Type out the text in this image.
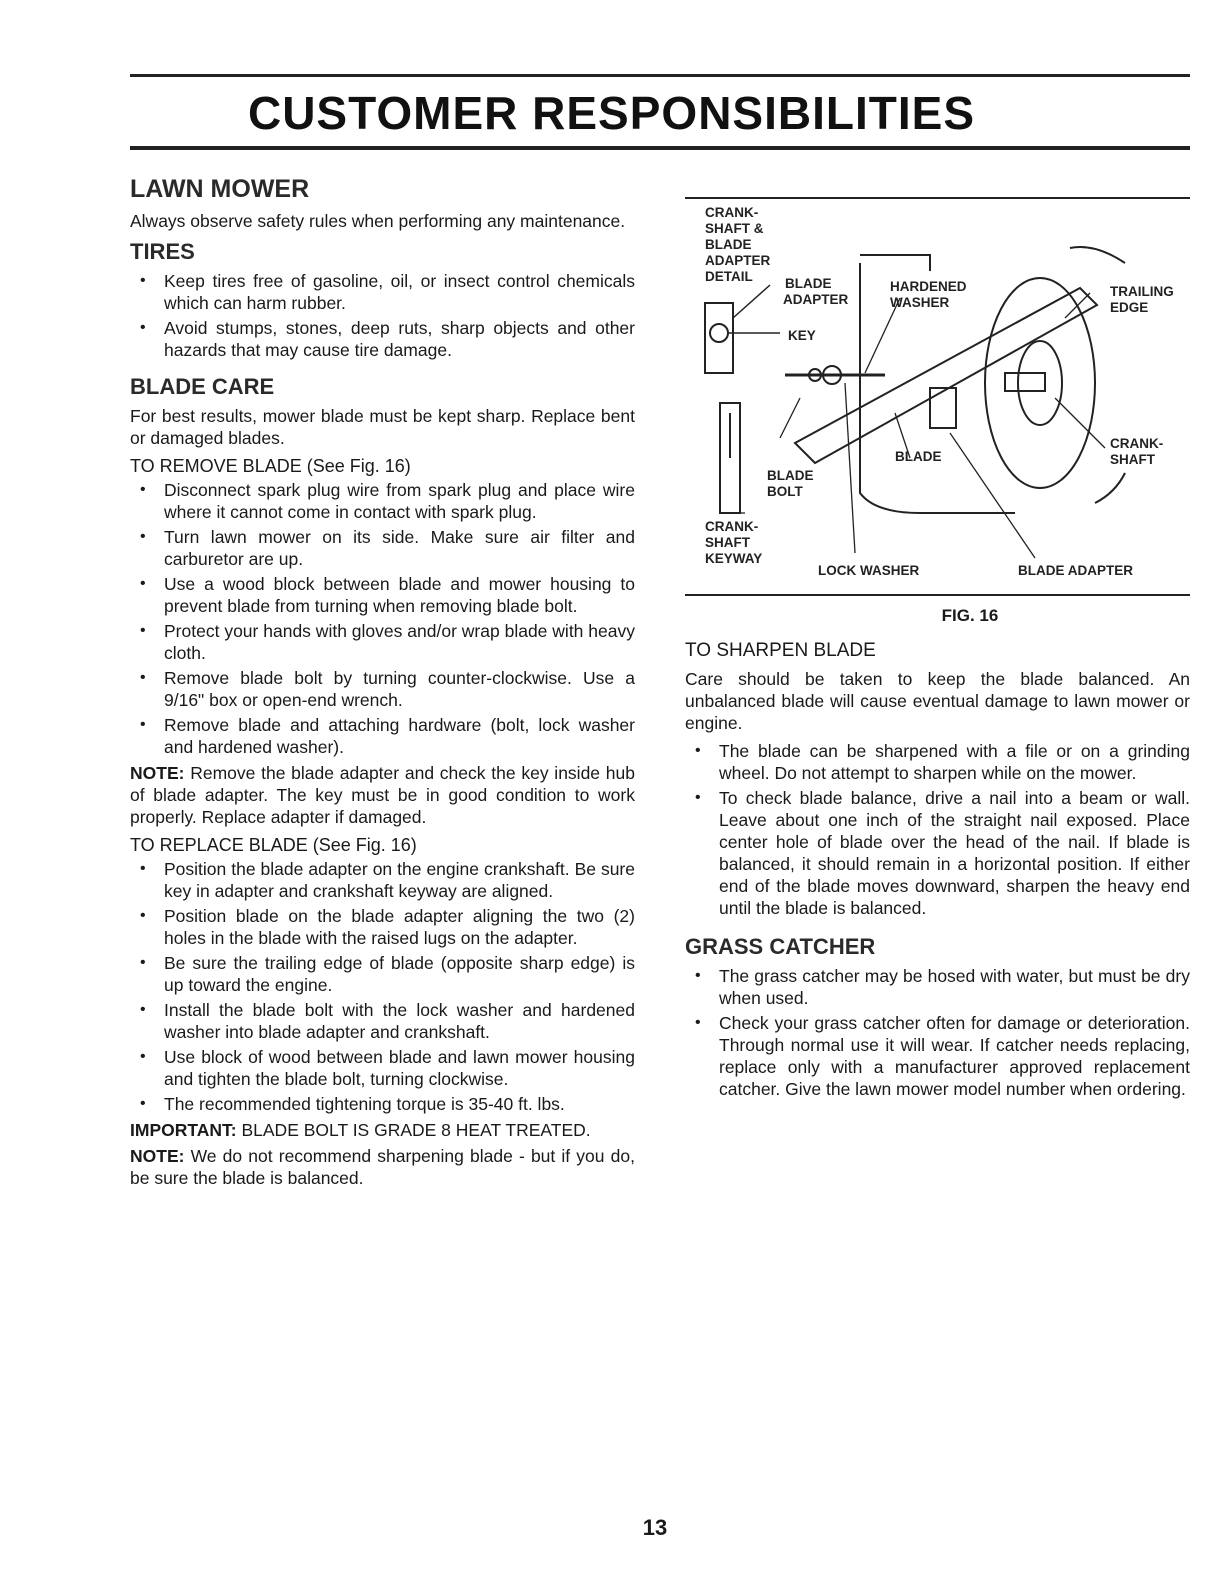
CUSTOMER RESPONSIBILITIES
LAWN MOWER

Always observe safety rules when performing any maintenance.

TIRES
• Keep tires free of gasoline, oil, or insect control chemicals which can harm rubber.
• Avoid stumps, stones, deep ruts, sharp objects and other hazards that may cause tire damage.
BLADE CARE

For best results, mower blade must be kept sharp. Replace bent or damaged blades.

TO REMOVE BLADE (See Fig. 16)
• Disconnect spark plug wire from spark plug and place wire where it cannot come in contact with spark plug.
• Turn lawn mower on its side. Make sure air filter and carburetor are up.
• Use a wood block between blade and mower housing to prevent blade from turning when removing blade bolt.
• Protect your hands with gloves and/or wrap blade with heavy cloth.
• Remove blade bolt by turning counter-clockwise. Use a 9/16" box or open-end wrench.
• Remove blade and attaching hardware (bolt, lock washer and hardened washer).

NOTE: Remove the blade adapter and check the key inside hub of blade adapter. The key must be in good condition to work properly. Replace adapter if damaged.

TO REPLACE BLADE (See Fig. 16)
• Position the blade adapter on the engine crankshaft. Be sure key in adapter and crankshaft keyway are aligned.
• Position blade on the blade adapter aligning the two (2) holes in the blade with the raised lugs on the adapter.
• Be sure the trailing edge of blade (opposite sharp edge) is up toward the engine.
• Install the blade bolt with the lock washer and hardened washer into blade adapter and crankshaft.
• Use block of wood between blade and lawn mower housing and tighten the blade bolt, turning clockwise.
• The recommended tightening torque is 35-40 ft. lbs.

IMPORTANT: BLADE BOLT IS GRADE 8 HEAT TREATED.

NOTE: We do not recommend sharpening blade - but if you do, be sure the blade is balanced.

CRANK-
SHAFT &
BLADE
ADAPTER
DETAIL BLADE
ADAPTER
HARDENED
WASHER
TRAILING
EDGE
KEY
CRANK-
SHAFT
BLADE
BLADE
BOLT
CRANK-
SHAFT
KEYWAY
LOCK WASHER	BLADE ADAPTER
FIG. 16
TO SHARPEN BLADE

Care should be taken to keep the blade balanced. An unbalanced blade will cause eventual damage to lawn mower or engine.

• The blade can be sharpened with a file or on a grinding wheel. Do not attempt to sharpen while on the mower.
• To check blade balance, drive a nail into a beam or wall. Leave about one inch of the straight nail exposed. Place center hole of blade over the head of the nail. If blade is balanced, it should remain in a horizontal position. If either end of the blade moves downward, sharpen the heavy end until the blade is balanced.
GRASS CATCHER
• The grass catcher may be hosed with water, but must be dry when used.
• Check your grass catcher often for damage or deterioration. Through normal use it will wear. If catcher needs replacing, replace only with a manufacturer approved replacement catcher. Give the lawn mower model number when ordering.
13
